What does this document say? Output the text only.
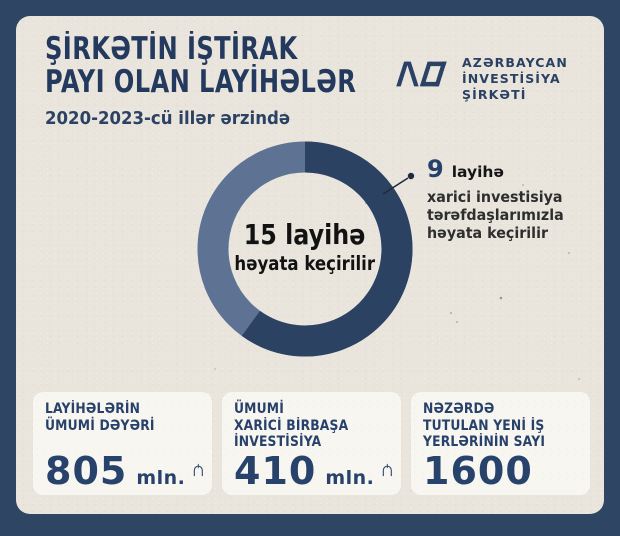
ŞİRKƏTİN İŞTİRAK
PAYI OLAN LAYİHƏLƏR
2020-2023-cü illər ərzində
AZƏRBAYCAN
İNVESTİSİYA
ŞİRKƏTİ
15 layihə
həyata keçirilir
9 layihə
xarici investisiya
tərəfdaşlarımızla
həyata keçirilir
LAYİHƏLƏRİN
ÜMUMİ DƏYƏRİ
805 mln.
ÜMUMİ
XARİCİ BİRBAŞA
İNVESTİSİYA
410 mln.
NƏZƏRDƏ
TUTULAN YENİ İŞ
YERLƏRİNİN SAYI
1600
